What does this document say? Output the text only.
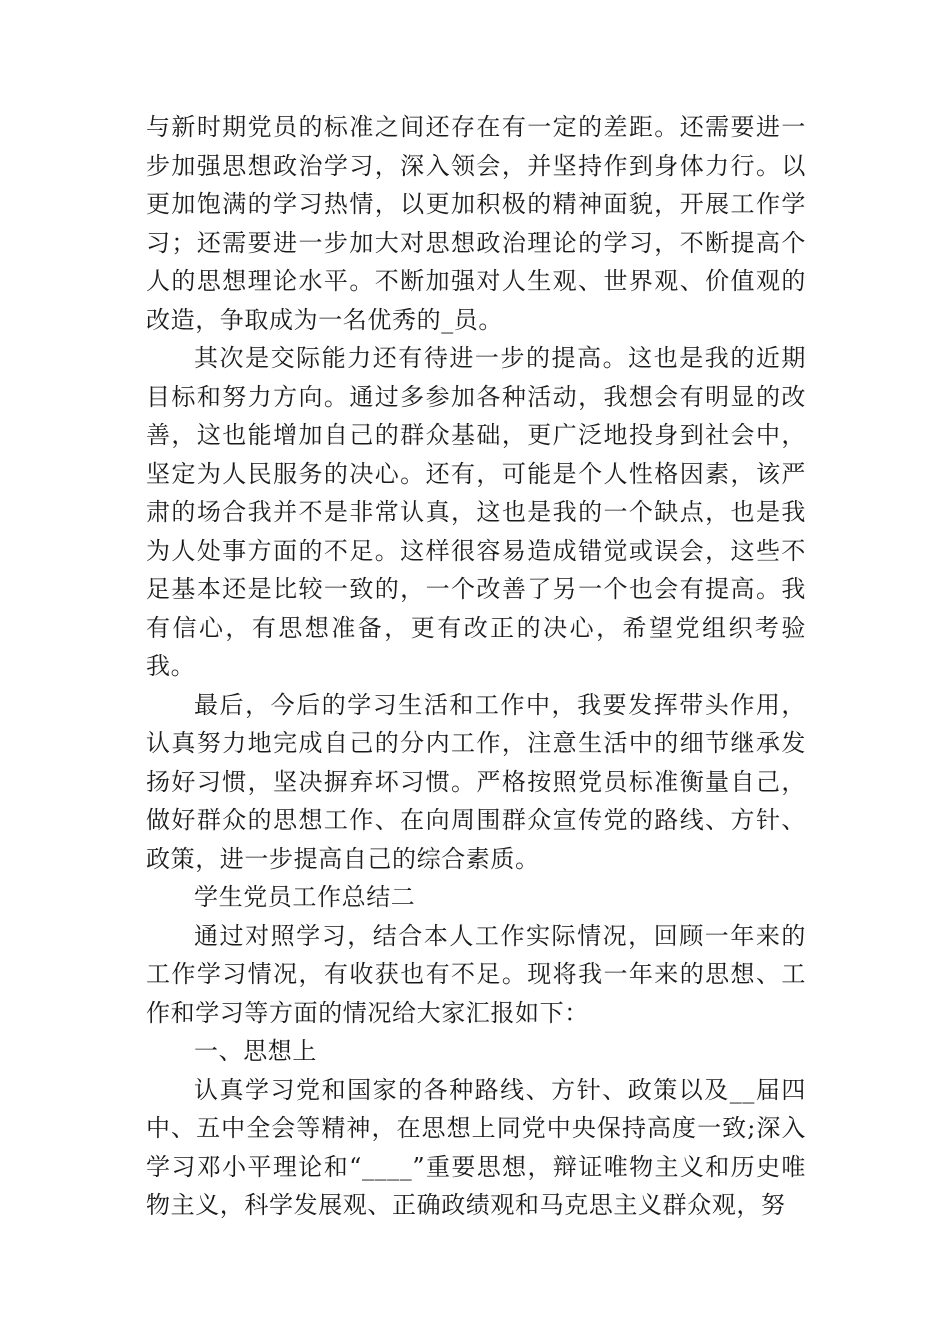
与新时期党员的标准之间还存在有一定的差距。还需要进一步加强思想政治学习，深入领会，并坚持作到身体力行。以更加饱满的学习热情，以更加积极的精神面貌，开展工作学习；还需要进一步加大对思想政治理论的学习，不断提高个人的思想理论水平。不断加强对人生观、世界观、价值观的改造，争取成为一名优秀的_员。

其次是交际能力还有待进一步的提高。这也是我的近期目标和努力方向。通过多参加各种活动，我想会有明显的改善，这也能增加自己的群众基础，更广泛地投身到社会中，坚定为人民服务的决心。还有，可能是个人性格因素，该严肃的场合我并不是非常认真，这也是我的一个缺点，也是我为人处事方面的不足。这样很容易造成错觉或误会，这些不足基本还是比较一致的，一个改善了另一个也会有提高。我有信心，有思想准备，更有改正的决心，希望党组织考验我。

最后，今后的学习生活和工作中，我要发挥带头作用，认真努力地完成自己的分内工作，注意生活中的细节继承发扬好习惯，坚决摒弃坏习惯。严格按照党员标准衡量自己，做好群众的思想工作、在向周围群众宣传党的路线、方针、政策，进一步提高自己的综合素质。

学生党员工作总结二

通过对照学习，结合本人工作实际情况，回顾一年来的工作学习情况，有收获也有不足。现将我一年来的思想、工作和学习等方面的情况给大家汇报如下：

一、思想上

认真学习党和国家的各种路线、方针、政策以及__届四中、五中全会等精神，在思想上同党中央保持高度一致;深入学习邓小平理论和“____”重要思想，辩证唯物主义和历史唯物主义，科学发展观、正确政绩观和马克思主义群众观，努
